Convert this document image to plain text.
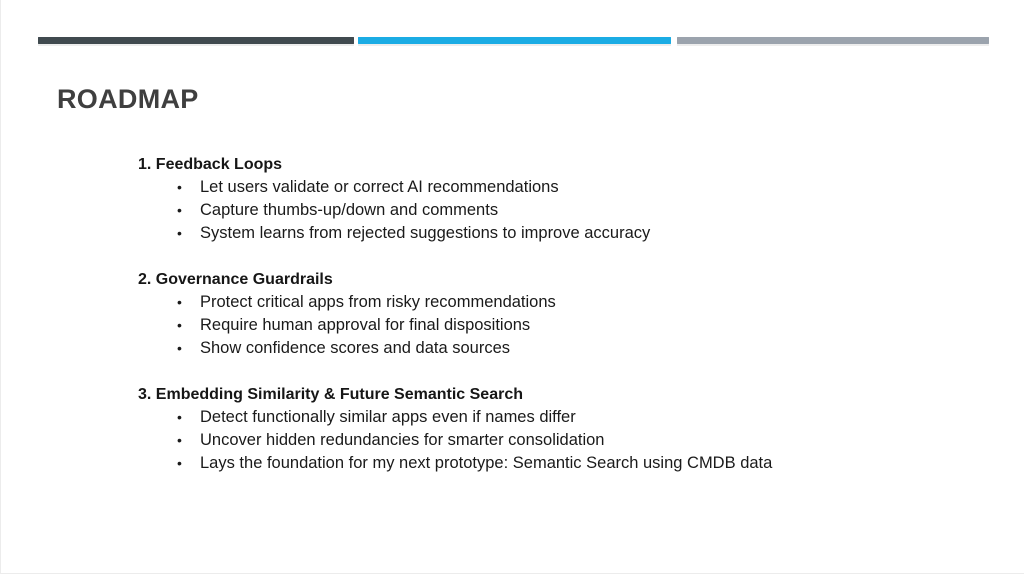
ROADMAP
1. Feedback Loops
• Let users validate or correct AI recommendations
• Capture thumbs-up/down and comments
• System learns from rejected suggestions to improve accuracy
2. Governance Guardrails
• Protect critical apps from risky recommendations
• Require human approval for final dispositions
• Show confidence scores and data sources
3. Embedding Similarity & Future Semantic Search
• Detect functionally similar apps even if names differ
• Uncover hidden redundancies for smarter consolidation
• Lays the foundation for my next prototype: Semantic Search using CMDB data
